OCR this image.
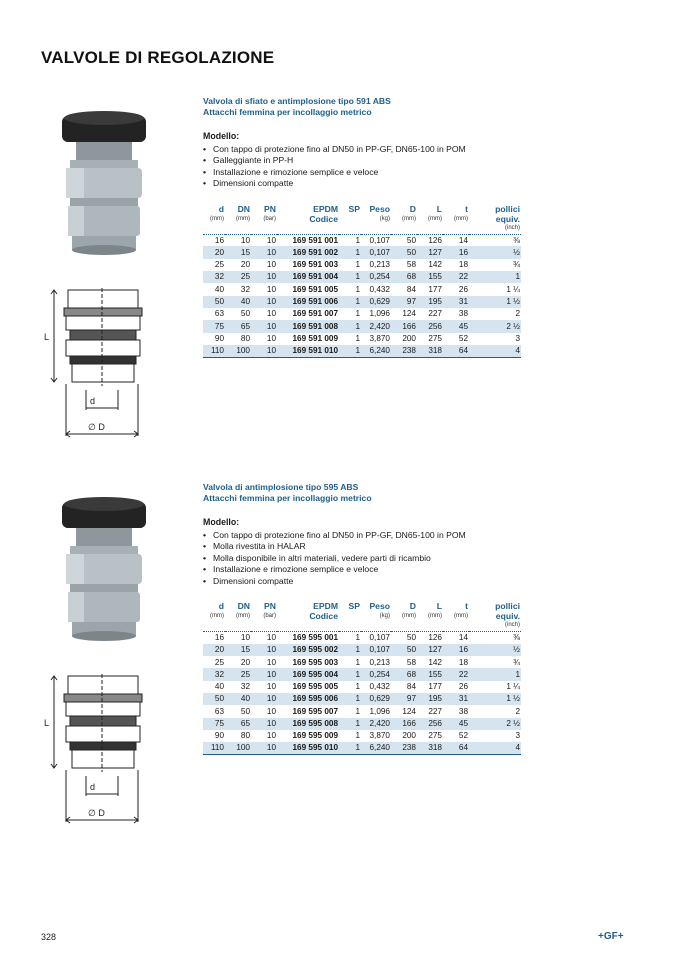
VALVOLE DI REGOLAZIONE
L
d
∅ D
Valvola di sfiato e antimplosione tipo 591 ABS
Attacchi femmina per incollaggio metrico
Modello:
• Con tappo di protezione fino al DN50 in PP-GF, DN65-100 in POM
• Galleggiante in PP-H
• Installazione e rimozione semplice e veloce
• Dimensioni compatte
d	DN	PN	EPDM	SP	Peso	D	L	t	pollici
(mm)	(mm)	(bar)	Codice		(kg)	(mm)	(mm)	(mm)	equiv.
									(inch)
16	10	10	169 591 001	1	0,107	50	126	14	⅜
20	15	10	169 591 002	1	0,107	50	127	16	½
25	20	10	169 591 003	1	0,213	58	142	18	¾
32	25	10	169 591 004	1	0,254	68	155	22	1
40	32	10	169 591 005	1	0,432	84	177	26	1 ¼
50	40	10	169 591 006	1	0,629	97	195	31	1 ½
63	50	10	169 591 007	1	1,096	124	227	38	2
75	65	10	169 591 008	1	2,420	166	256	45	2 ½
90	80	10	169 591 009	1	3,870	200	275	52	3
110	100	10	169 591 010	1	6,240	238	318	64	4
L
d
∅ D
Valvola di antimplosione tipo 595 ABS
Attacchi femmina per incollaggio metrico
Modello:
• Con tappo di protezione fino al DN50 in PP-GF, DN65-100 in POM
• Molla rivestita in HALAR
• Molla disponibile in altri materiali, vedere parti di ricambio
• Installazione e rimozione semplice e veloce
• Dimensioni compatte
d	DN	PN	EPDM	SP	Peso	D	L	t	pollici
(mm)	(mm)	(bar)	Codice		(kg)	(mm)	(mm)	(mm)	equiv.
									(inch)
16	10	10	169 595 001	1	0,107	50	126	14	⅜
20	15	10	169 595 002	1	0,107	50	127	16	½
25	20	10	169 595 003	1	0,213	58	142	18	¾
32	25	10	169 595 004	1	0,254	68	155	22	1
40	32	10	169 595 005	1	0,432	84	177	26	1 ¼
50	40	10	169 595 006	1	0,629	97	195	31	1 ½
63	50	10	169 595 007	1	1,096	124	227	38	2
75	65	10	169 595 008	1	2,420	166	256	45	2 ½
90	80	10	169 595 009	1	3,870	200	275	52	3
110	100	10	169 595 010	1	6,240	238	318	64	4
328	+GF+
